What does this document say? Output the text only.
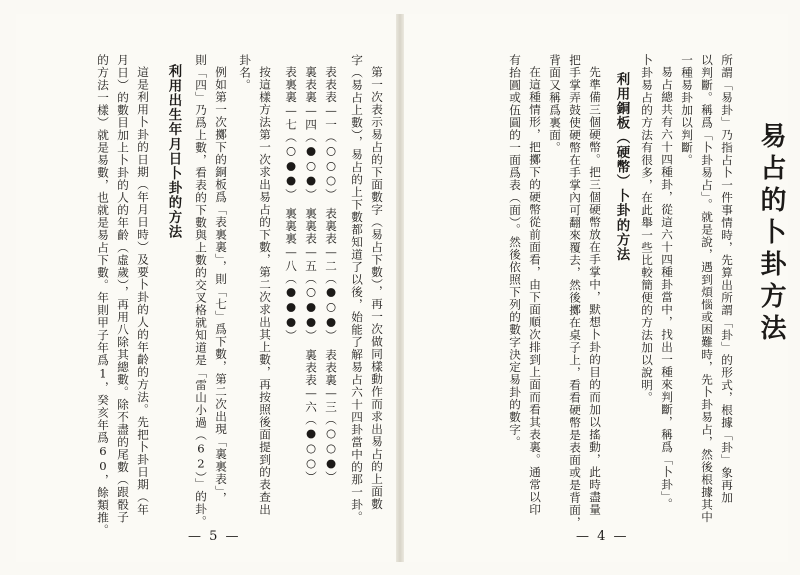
易占的卜卦方法
所謂「易卦」乃指占卜一件事情時，先算出所謂「卦」的形式，根據「卦」象再加
以判斷。稱爲「卜卦易占」。就是說，遇到煩惱或困難時，先卜卦易占，然後根據其中
一種易卦加以判斷。
易占總共有六十四種卦，從這六十四種卦當中，找出一種來判斷，稱爲「卜卦」。
卜卦易占的方法有很多，在此舉一些比較簡便的方法加以說明。
利用銅板（硬幣）卜卦的方法
先準備三個硬幣。把三個硬幣放在手掌中，默想卜卦的目的而加以搖動，此時盡量
把手掌弄鼓使硬幣在手掌內可翻來覆去，然後擲在桌子上，看看硬幣是表面或是背面，
背面又稱爲裏面。
在這種情形，把擲下的硬幣從前面看，由下面順次排到上面而看其表裏。通常以印
有抬圓或伍圓的一面爲表（面）。然後依照下列的數字決定易卦的數字。
— 4 —
第一次表示易占的下面數字（易占下數），再一次做同樣動作而求出易占的上面數
字（易占上數），易占的上下數都知道了以後，始能了解易占六十四卦當中的那一卦。
表表表—一（○○○）　表裏表—二（●○●）　表表裏—三（○○●）
裏表裏—四（●○●）　裏裏表—五（○●●）　裏表表—六（●○○）
表裏裏—七（○●●）　裏裏裏—八（●●●）
按這樣方法第一次求出易占的下數，第二次求出其上數，再按照後面提到的表查出
卦名。
例如第一次擲下的銅板爲「表裏裏」，則「七」爲下數，第二次出現「裏裏表」，
則「四」乃爲上數，看表的下數與上數的交叉格就知道是「雷山小過（62）」的卦。
利用出生年月日卜卦的方法
這是利用卜卦的日期（年月日時）及要卜卦的人的年齡的方法。先把卜卦日期（年
月日）的數目加上卜卦的人的年齡（虛歲），再用八除其總數。除不盡的尾數（跟骰子
的方法一樣）就是易數，也就是易占下數。年則甲子年爲1，癸亥年爲60，餘類推。
— 5 —
